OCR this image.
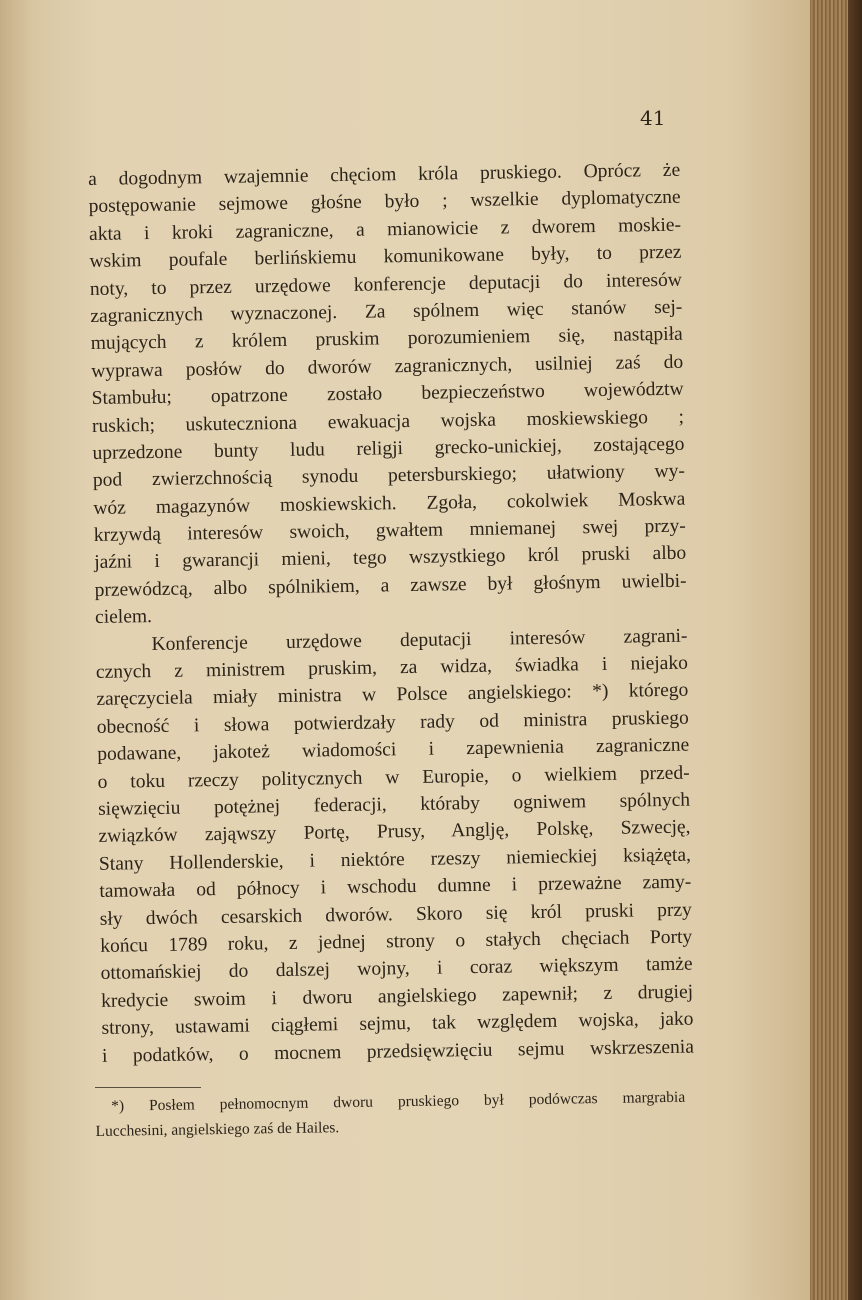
41
a dogodnym wzajemnie chęciom króla pruskiego. Oprócz że
postępowanie sejmowe głośne było ; wszelkie dyplomatyczne
akta i kroki zagraniczne, a mianowicie z dworem moskie-
wskim poufale berlińskiemu komunikowane były, to przez
noty, to przez urzędowe konferencje deputacji do interesów
zagranicznych wyznaczonej. Za spólnem więc stanów sej-
mujących z królem pruskim porozumieniem się, nastąpiła
wyprawa posłów do dworów zagranicznych, usilniej zaś do
Stambułu; opatrzone zostało bezpieczeństwo województw
ruskich; uskuteczniona ewakuacja wojska moskiewskiego ;
uprzedzone bunty ludu religji grecko-unickiej, zostającego
pod zwierzchnością synodu petersburskiego; ułatwiony wy-
wóz magazynów moskiewskich. Zgoła, cokolwiek Moskwa
krzywdą interesów swoich, gwałtem mniemanej swej przy-
jaźni i gwarancji mieni, tego wszystkiego król pruski albo
przewódzcą, albo spólnikiem, a zawsze był głośnym uwielbi-
cielem.
Konferencje urzędowe deputacji interesów zagrani-
cznych z ministrem pruskim, za widza, świadka i niejako
zaręczyciela miały ministra w Polsce angielskiego: *) którego
obecność i słowa potwierdzały rady od ministra pruskiego
podawane, jakoteż wiadomości i zapewnienia zagraniczne
o toku rzeczy politycznych w Europie, o wielkiem przed-
sięwzięciu potężnej federacji, któraby ogniwem spólnych
związków zająwszy Portę, Prusy, Anglję, Polskę, Szwecję,
Stany Hollenderskie, i niektóre rzeszy niemieckiej książęta,
tamowała od północy i wschodu dumne i przeważne zamy-
sły dwóch cesarskich dworów. Skoro się król pruski przy
końcu 1789 roku, z jednej strony o stałych chęciach Porty
ottomańskiej do dalszej wojny, i coraz większym tamże
kredycie swoim i dworu angielskiego zapewnił; z drugiej
strony, ustawami ciągłemi sejmu, tak względem wojska, jako
i podatków, o mocnem przedsięwzięciu sejmu wskrzeszenia
*) Posłem pełnomocnym dworu pruskiego był podówczas margrabia
Lucchesini, angielskiego zaś de Hailes.
